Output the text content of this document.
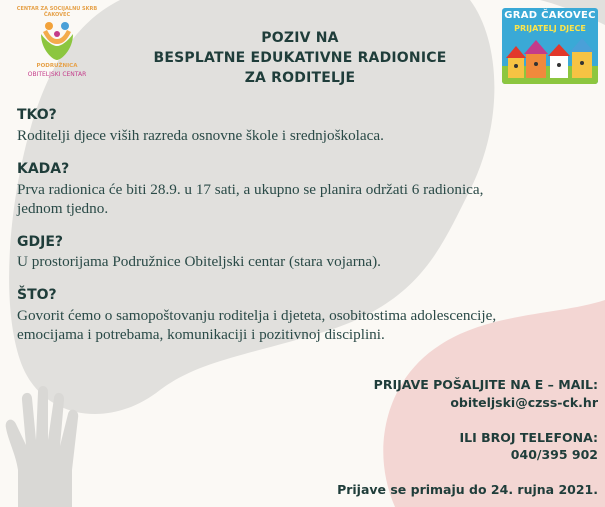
CENTAR ZA SOCIJALNU SKRB
ČAKOVEC
PODRUŽNICA
OBITELJSKI CENTAR
POZIV NA
BESPLATNE EDUKATIVNE RADIONICE
ZA RODITELJE
GRAD ČAKOVEC
PRIJATELJ DJECE
TKO?
Roditelji djece viših razreda osnovne škole i srednjoškolaca.
KADA?
Prva radionica će biti 28.9. u 17 sati, a ukupno se planira održati 6 radionica,
jednom tjedno.
GDJE?
U prostorijama Podružnice Obiteljski centar (stara vojarna).
ŠTO?
Govorit ćemo o samopoštovanju roditelja i djeteta, osobitostima adolescencije,
emocijama i potrebama, komunikaciji i pozitivnoj disciplini.
PRIJAVE POŠALJITE NA E – MAIL:
obiteljski@czss-ck.hr
ILI BROJ TELEFONA:
040/395 902
Prijave se primaju do 24. rujna 2021.
